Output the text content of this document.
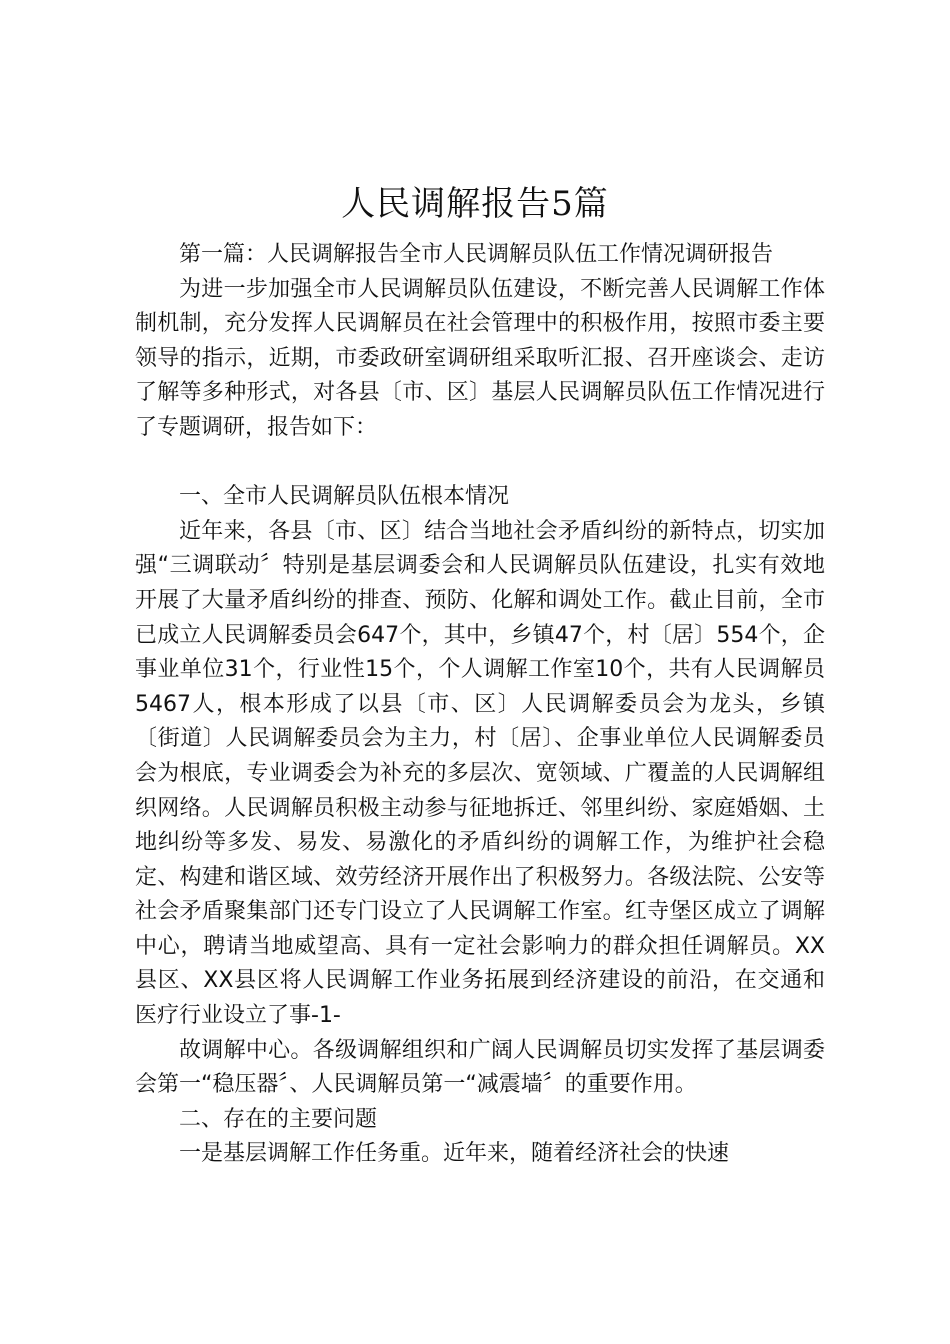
人民调解报告5篇

第一篇：人民调解报告全市人民调解员队伍工作情况调研报告

为进一步加强全市人民调解员队伍建设，不断完善人民调解工作体制机制，充分发挥人民调解员在社会管理中的积极作用，按照市委主要领导的指示，近期，市委政研室调研组采取听汇报、召开座谈会、走访了解等多种形式，对各县〔市、区〕基层人民调解员队伍工作情况进行了专题调研，报告如下：

一、全市人民调解员队伍根本情况

近年来，各县〔市、区〕结合当地社会矛盾纠纷的新特点，切实加强“三调联动〞特别是基层调委会和人民调解员队伍建设，扎实有效地开展了大量矛盾纠纷的排查、预防、化解和调处工作。截止目前，全市已成立人民调解委员会647个，其中，乡镇47个，村〔居〕554个，企事业单位31个，行业性15个，个人调解工作室10个，共有人民调解员5467人，根本形成了以县〔市、区〕人民调解委员会为龙头，乡镇〔街道〕人民调解委员会为主力，村〔居〕、企事业单位人民调解委员会为根底，专业调委会为补充的多层次、宽领域、广覆盖的人民调解组织网络。人民调解员积极主动参与征地拆迁、邻里纠纷、家庭婚姻、土地纠纷等多发、易发、易激化的矛盾纠纷的调解工作，为维护社会稳定、构建和谐区域、效劳经济开展作出了积极努力。各级法院、公安等社会矛盾聚集部门还专门设立了人民调解工作室。红寺堡区成立了调解中心，聘请当地威望高、具有一定社会影响力的群众担任调解员。XX县区、XX县区将人民调解工作业务拓展到经济建设的前沿，在交通和医疗行业设立了事-1-

故调解中心。各级调解组织和广阔人民调解员切实发挥了基层调委会第一“稳压器〞、人民调解员第一“减震墙〞的重要作用。

二、存在的主要问题

一是基层调解工作任务重。近年来，随着经济社会的快速
